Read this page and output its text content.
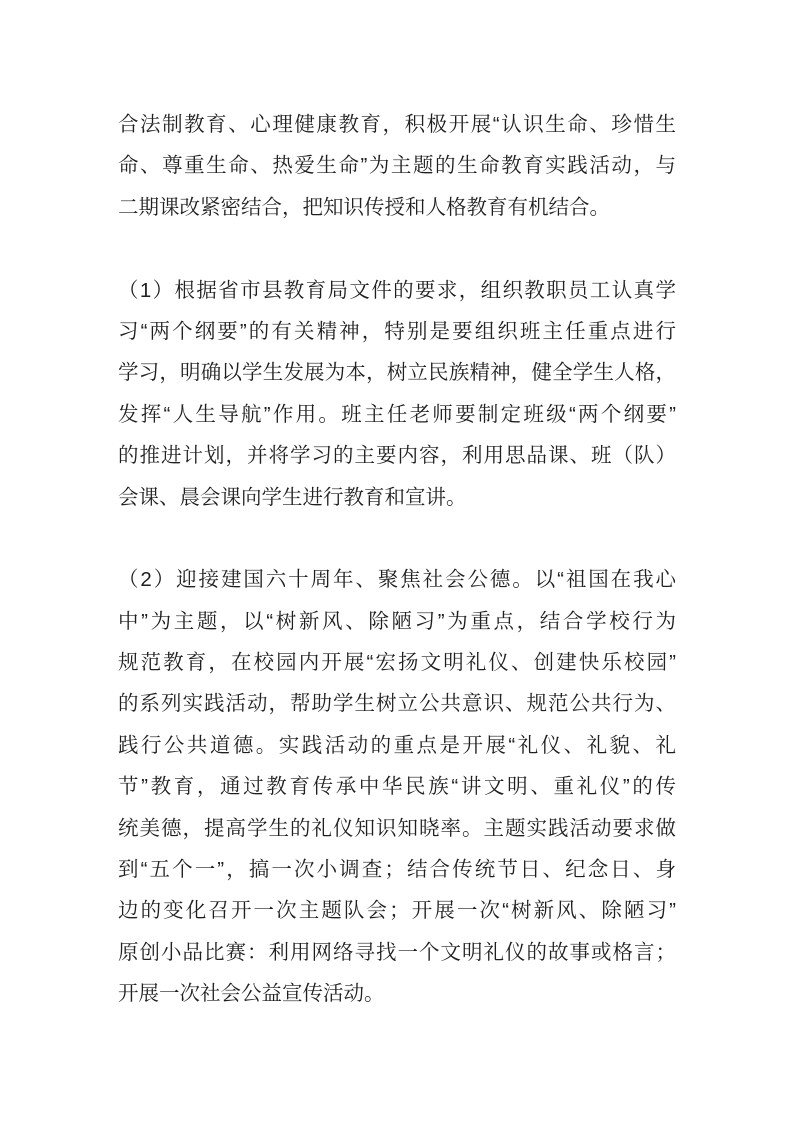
合法制教育、心理健康教育，积极开展“认识生命、珍惜生
命、尊重生命、热爱生命”为主题的生命教育实践活动，与
二期课改紧密结合，把知识传授和人格教育有机结合。
（1）根据省市县教育局文件的要求，组织教职员工认真学
习“两个纲要”的有关精神，特别是要组织班主任重点进行
学习，明确以学生发展为本，树立民族精神，健全学生人格，
发挥“人生导航”作用。班主任老师要制定班级“两个纲要”
的推进计划，并将学习的主要内容，利用思品课、班（队）
会课、晨会课向学生进行教育和宣讲。
（2）迎接建国六十周年、聚焦社会公德。以“祖国在我心
中”为主题，以“树新风、除陋习”为重点，结合学校行为
规范教育，在校园内开展“宏扬文明礼仪、创建快乐校园”
的系列实践活动，帮助学生树立公共意识、规范公共行为、
践行公共道德。实践活动的重点是开展“礼仪、礼貌、礼
节”教育，通过教育传承中华民族“讲文明、重礼仪”的传
统美德，提高学生的礼仪知识知晓率。主题实践活动要求做
到“五个一”，搞一次小调查；结合传统节日、纪念日、身
边的变化召开一次主题队会；开展一次“树新风、除陋习”
原创小品比赛：利用网络寻找一个文明礼仪的故事或格言；
开展一次社会公益宣传活动。
